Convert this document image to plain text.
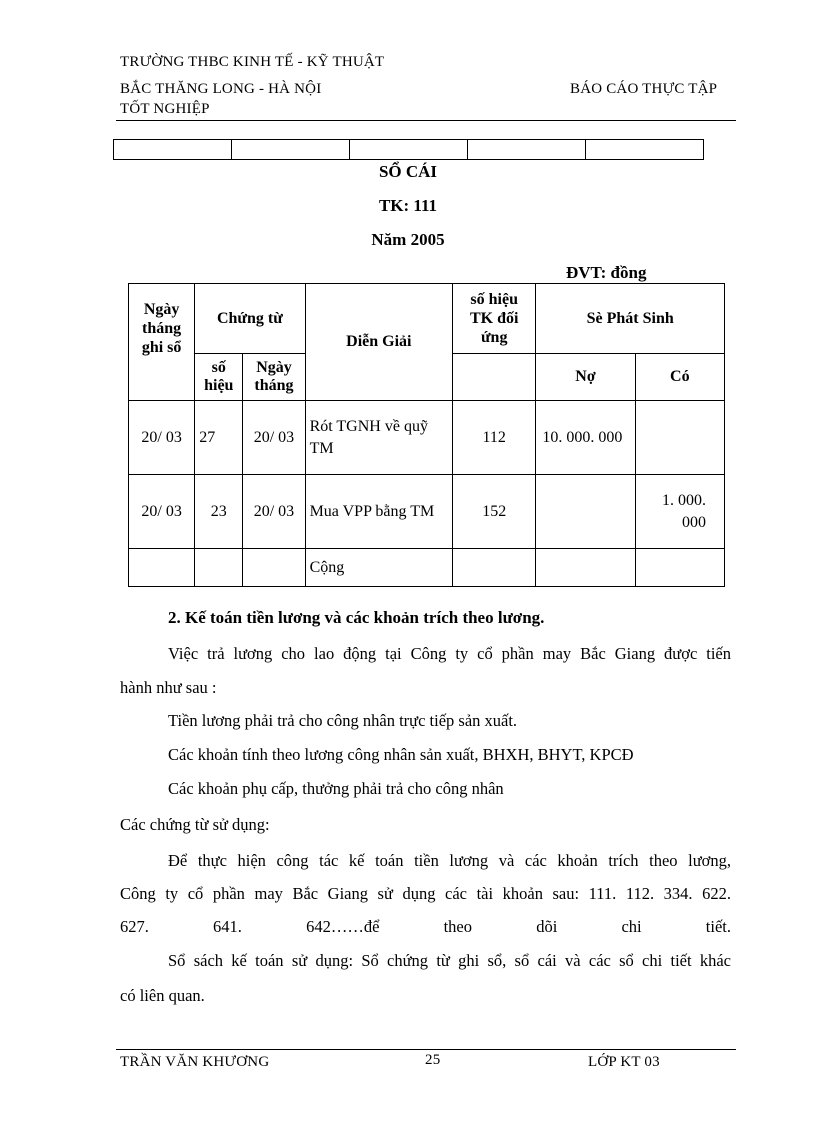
TRƯỜNG THBC KINH TẾ - KỸ THUẬT
BẮC THĂNG LONG - HÀ NỘI	BÁO CÁO THỰC TẬP
TỐT NGHIỆP

SỔ CÁI
TK: 111
Năm 2005
ĐVT: đồng
Ngày tháng ghi sổ	Chứng từ		Diễn Giải	số hiệu TK đối ứng	Sè Phát Sinh	
	số hiệu	Ngày tháng			Nợ	Có
20/ 03	27	20/ 03	Rót TGNH về quỹ TM	112	10. 000. 000	
20/ 03	23	20/ 03	Mua VPP bằng TM	152		1. 000. 000
			Cộng			
2. Kế toán tiền lương và các khoản trích theo lương.
Việc trả lương cho lao động tại Công ty cổ phần may Bắc Giang được tiến
hành như sau :
Tiền lương phải trả cho công nhân trực tiếp sản xuất.
Các khoản tính theo lương công nhân sản xuất, BHXH, BHYT, KPCĐ
Các khoản phụ cấp, thưởng phải trả cho công nhân
Các chứng từ sử dụng:
Để thực hiện công tác kế toán tiền lương và các khoản trích theo lương,
Công ty cổ phần may Bắc Giang sử dụng các tài khoản sau: 111. 112. 334. 622.
627.	641.	642……để	theo	dõi	chi	tiết.
Sổ sách kế toán sử dụng: Sổ chứng từ ghi sổ, sổ cái và các sổ chi tiết khác
có liên quan.
TRẦN VĂN KHƯƠNG	25	LỚP KT 03
